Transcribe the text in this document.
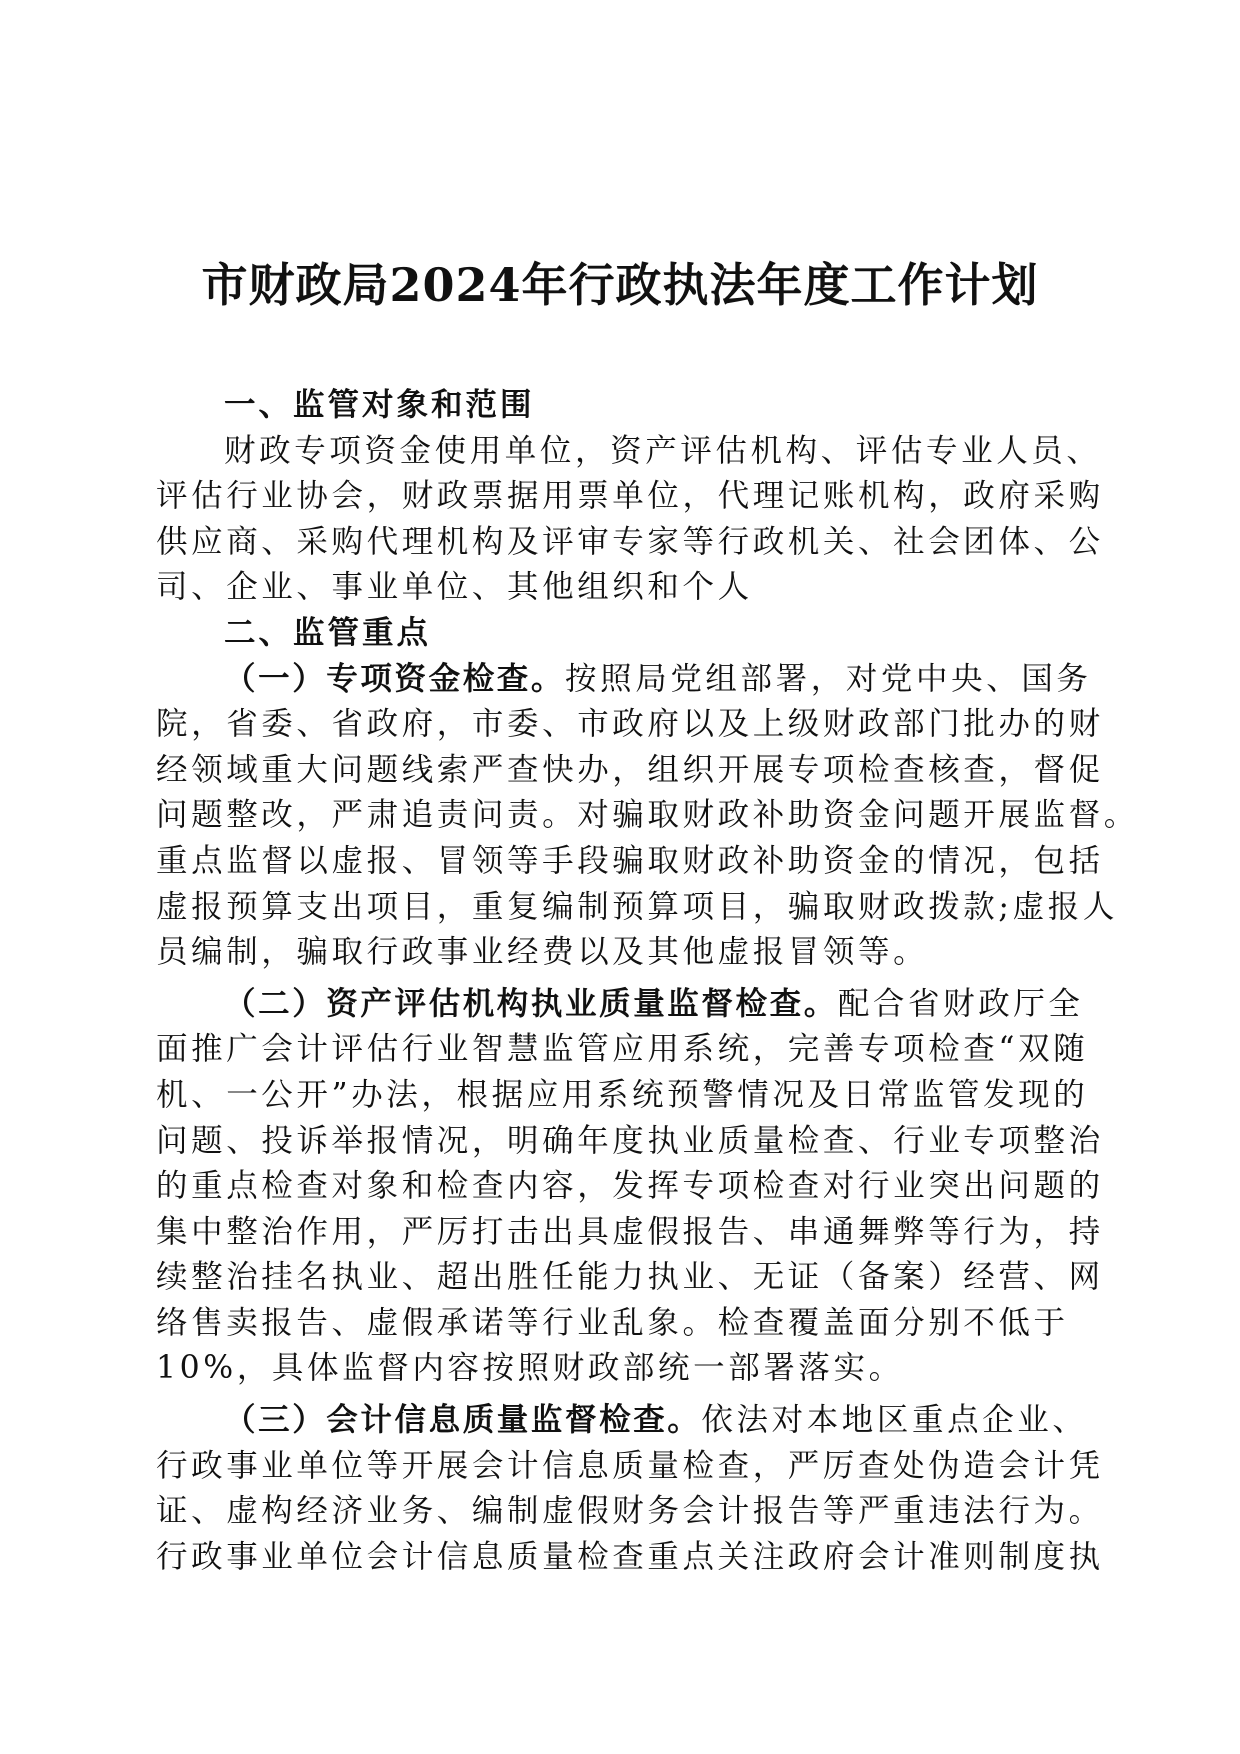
市财政局2024年行政执法年度工作计划
一、监管对象和范围
财政专项资金使用单位，资产评估机构、评估专业人员、
评估行业协会，财政票据用票单位，代理记账机构，政府采购
供应商、采购代理机构及评审专家等行政机关、社会团体、公
司、企业、事业单位、其他组织和个人
二、监管重点
（一）专项资金检查。按照局党组部署，对党中央、国务
院，省委、省政府，市委、市政府以及上级财政部门批办的财
经领域重大问题线索严查快办，组织开展专项检查核查，督促
问题整改，严肃追责问责。对骗取财政补助资金问题开展监督。
重点监督以虚报、冒领等手段骗取财政补助资金的情况，包括
虚报预算支出项目，重复编制预算项目，骗取财政拨款;虚报人
员编制，骗取行政事业经费以及其他虚报冒领等。
（二）资产评估机构执业质量监督检查。配合省财政厅全
面推广会计评估行业智慧监管应用系统，完善专项检查“双随
机、一公开”办法，根据应用系统预警情况及日常监管发现的
问题、投诉举报情况，明确年度执业质量检查、行业专项整治
的重点检查对象和检查内容，发挥专项检查对行业突出问题的
集中整治作用，严厉打击出具虚假报告、串通舞弊等行为，持
续整治挂名执业、超出胜任能力执业、无证（备案）经营、网
络售卖报告、虚假承诺等行业乱象。检查覆盖面分别不低于
10%，具体监督内容按照财政部统一部署落实。
（三）会计信息质量监督检查。依法对本地区重点企业、
行政事业单位等开展会计信息质量检查，严厉查处伪造会计凭
证、虚构经济业务、编制虚假财务会计报告等严重违法行为。
行政事业单位会计信息质量检查重点关注政府会计准则制度执
